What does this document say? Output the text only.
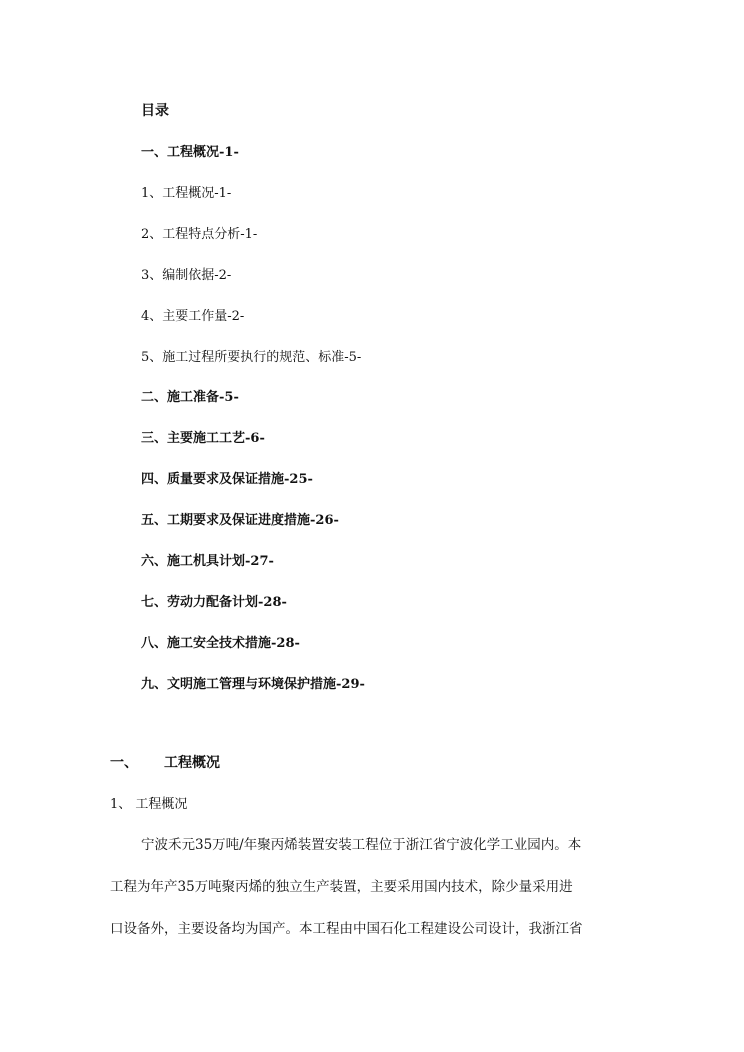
目录
一、工程概况-1-
1、工程概况-1-
2、工程特点分析-1-
3、编制依据-2-
4、主要工作量-2-
5、施工过程所要执行的规范、标准-5-
二、施工准备-5-
三、主要施工工艺-6-
四、质量要求及保证措施-25-
五、工期要求及保证进度措施-26-
六、施工机具计划-27-
七、劳动力配备计划-28-
八、施工安全技术措施-28-
九、文明施工管理与环境保护措施-29-
一、 工程概况
1、 工程概况
宁波禾元35万吨/年聚丙烯装置安装工程位于浙江省宁波化学工业园内。本
工程为年产35万吨聚丙烯的独立生产装置，主要采用国内技术，除少量采用进
口设备外，主要设备均为国产。本工程由中国石化工程建设公司设计，我浙江省
